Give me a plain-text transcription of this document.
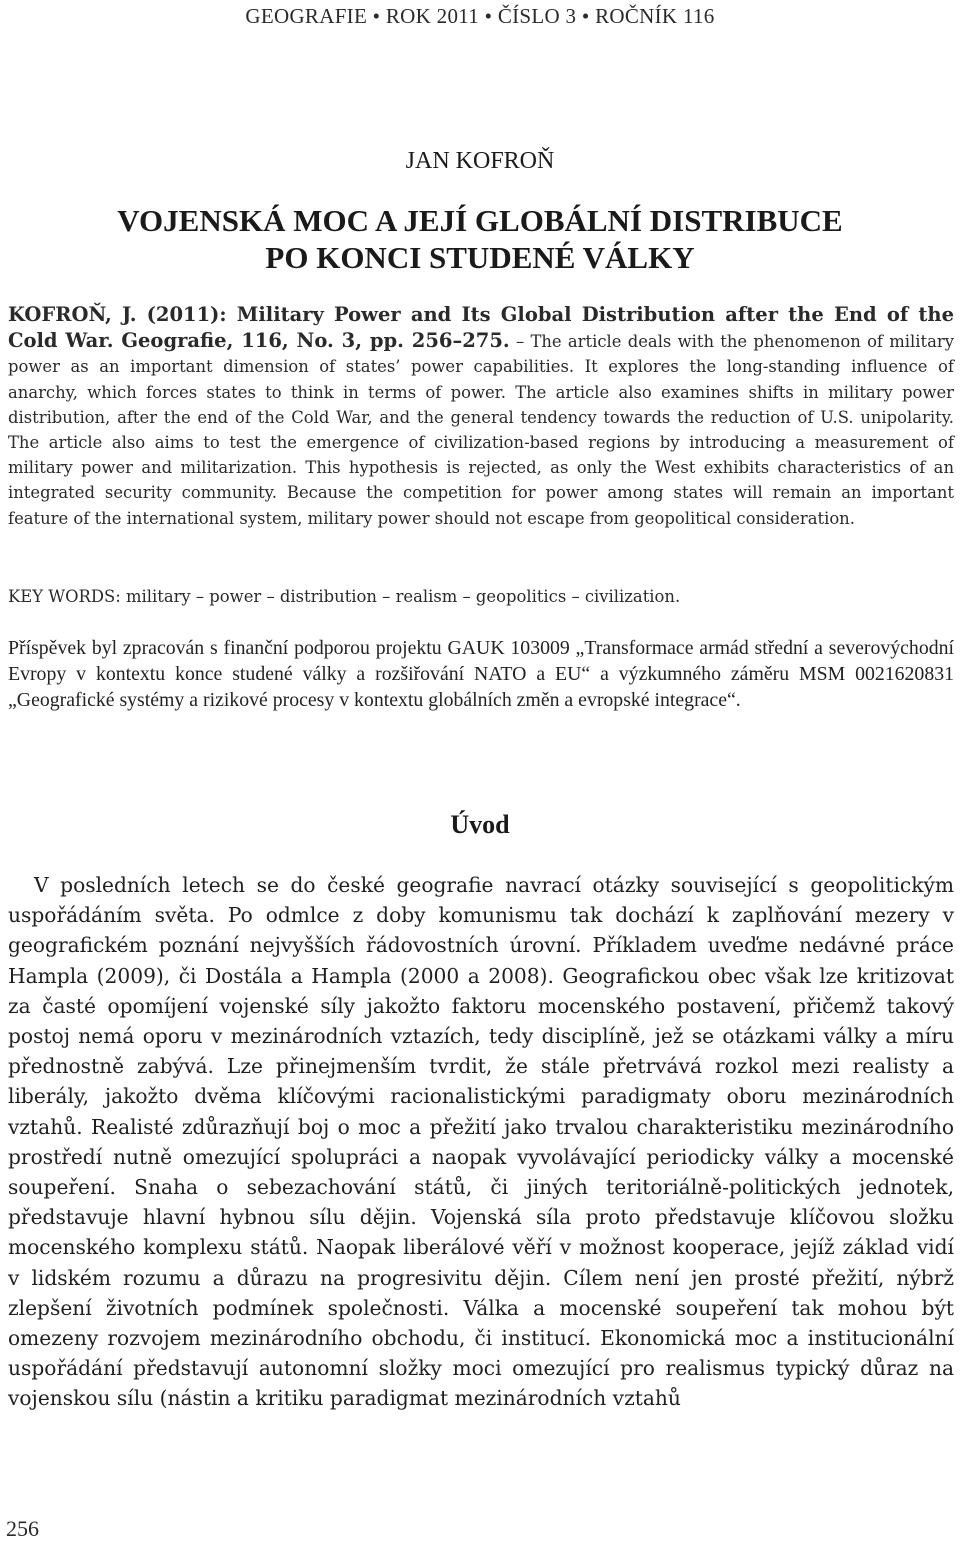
GEOGRAFIE • ROK 2011 • ČÍSLO 3 • ROČNÍK 116
JAN KOFROŇ
VOJENSKÁ MOC A JEJÍ GLOBÁLNÍ DISTRIBUCE
PO KONCI STUDENÉ VÁLKY
KOFROŇ, J. (2011): Military Power and Its Global Distribution after the End of the Cold War. Geografie, 116, No. 3, pp. 256–275. – The article deals with the phenomenon of military power as an important dimension of states’ power capabilities. It explores the long-standing influence of anarchy, which forces states to think in terms of power. The article also examines shifts in military power distribution, after the end of the Cold War, and the general tendency towards the reduction of U.S. unipolarity. The article also aims to test the emergence of civilization-based regions by introducing a measurement of military power and militarization. This hypothesis is rejected, as only the West exhibits characteristics of an integrated security community. Because the competition for power among states will remain an important feature of the international system, military power should not escape from geopolitical consideration.
KEY WORDS: military – power – distribution – realism – geopolitics – civilization.
Příspěvek byl zpracován s finanční podporou projektu GAUK 103009 „Transformace armád střední a severovýchodní Evropy v kontextu konce studené války a rozšiřování NATO a EU“ a výzkumného záměru MSM 0021620831 „Geografické systémy a rizikové procesy v kontextu globálních změn a evropské integrace“.
Úvod
V posledních letech se do české geografie navrací otázky související s geopolitickým uspořádáním světa. Po odmlce z doby komunismu tak dochází k zaplňování mezery v geografickém poznání nejvyšších řádovostních úrovní. Příkladem uveďme nedávné práce Hampla (2009), či Dostála a Hampla (2000 a 2008). Geograﬁckou obec však lze kritizovat za časté opomíjení vojenské síly jakožto faktoru mocenského postavení, přičemž takový postoj nemá oporu v mezinárodních vztazích, tedy disciplíně, jež se otázkami války a míru přednostně zabývá. Lze přinejmenším tvrdit, že stále přetrvává rozkol mezi realisty a liberály, jakožto dvěma klíčovými racionalistickými paradigmaty oboru mezinárodních vztahů. Realisté zdůrazňují boj o moc a přežití jako trvalou charakteristiku mezinárodního prostředí nutně omezující spolupráci a naopak vyvolávající periodicky války a mocenské soupeření. Snaha o sebezachování států, či jiných teritoriálně-politických jednotek, představuje hlavní hybnou sílu dějin. Vojenská síla proto představuje klíčovou složku mocenského komplexu států. Naopak liberálové věří v možnost kooperace, jejíž základ vidí v lidském rozumu a důrazu na progresivitu dějin. Cílem není jen prosté přežití, nýbrž zlepšení životních podmínek společnosti. Válka a mocenské soupeření tak mohou být omezeny rozvojem mezinárodního obchodu, či institucí. Ekonomická moc a institucionální uspořádání představují autonomní složky moci omezující pro realismus typický důraz na vojenskou sílu (nástin a kritiku paradigmat mezinárodních vztahů
256
